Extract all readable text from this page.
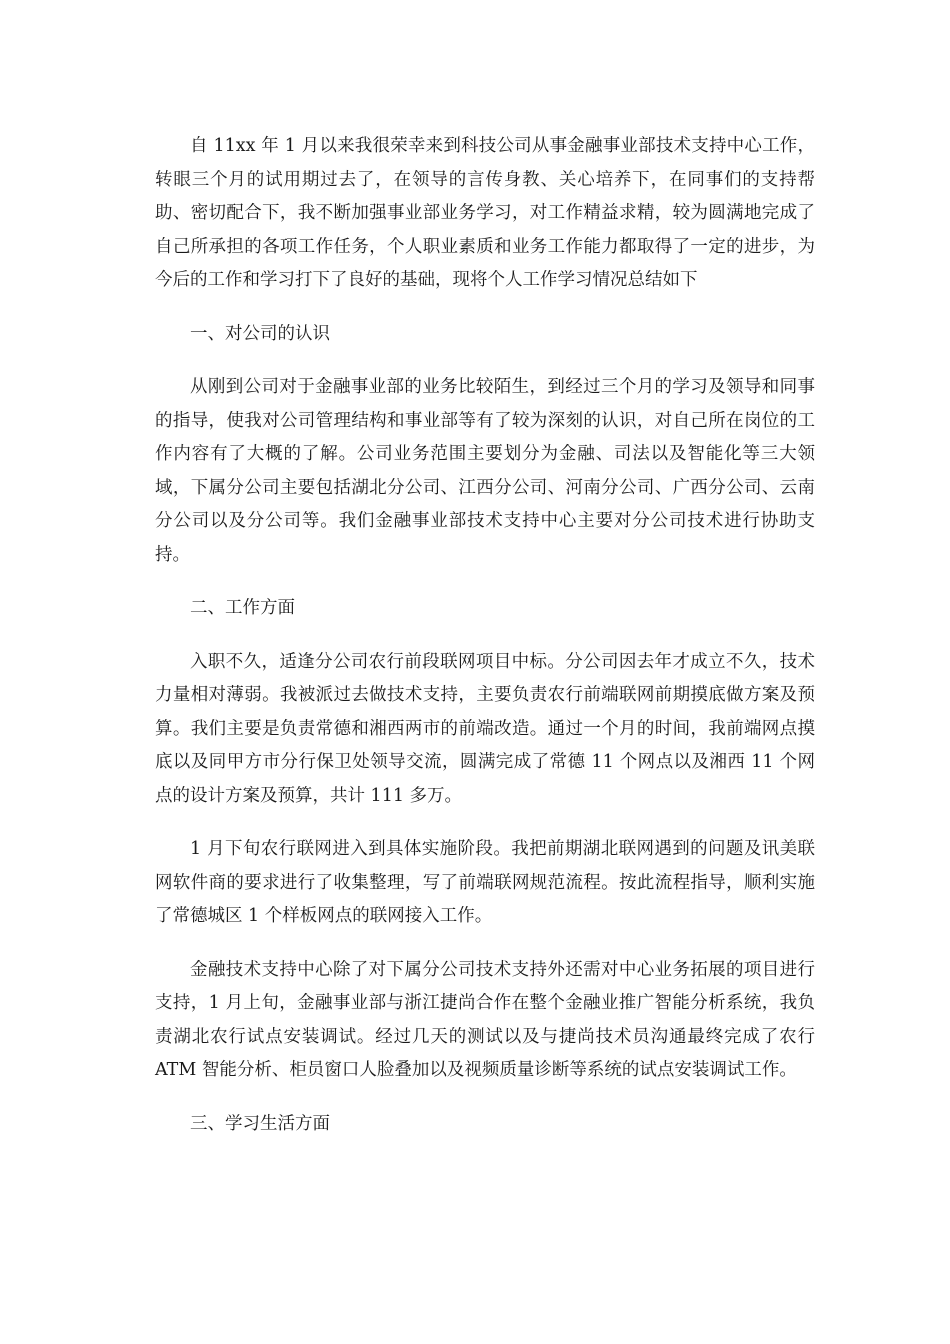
自 11xx 年 1 月以来我很荣幸来到科技公司从事金融事业部技术支持中心工作，转眼三个月的试用期过去了，在领导的言传身教、关心培养下，在同事们的支持帮助、密切配合下，我不断加强事业部业务学习，对工作精益求精，较为圆满地完成了自己所承担的各项工作任务，个人职业素质和业务工作能力都取得了一定的进步，为今后的工作和学习打下了良好的基础，现将个人工作学习情况总结如下

一、对公司的认识

从刚到公司对于金融事业部的业务比较陌生，到经过三个月的学习及领导和同事的指导，使我对公司管理结构和事业部等有了较为深刻的认识，对自己所在岗位的工作内容有了大概的了解。公司业务范围主要划分为金融、司法以及智能化等三大领域，下属分公司主要包括湖北分公司、江西分公司、河南分公司、广西分公司、云南分公司以及分公司等。我们金融事业部技术支持中心主要对分公司技术进行协助支持。

二、工作方面

入职不久，适逢分公司农行前段联网项目中标。分公司因去年才成立不久，技术力量相对薄弱。我被派过去做技术支持，主要负责农行前端联网前期摸底做方案及预算。我们主要是负责常德和湘西两市的前端改造。通过一个月的时间，我前端网点摸底以及同甲方市分行保卫处领导交流，圆满完成了常德 11 个网点以及湘西 11 个网点的设计方案及预算，共计 111 多万。

1 月下旬农行联网进入到具体实施阶段。我把前期湖北联网遇到的问题及讯美联网软件商的要求进行了收集整理，写了前端联网规范流程。按此流程指导，顺利实施了常德城区 1 个样板网点的联网接入工作。

金融技术支持中心除了对下属分公司技术支持外还需对中心业务拓展的项目进行支持，1 月上旬，金融事业部与浙江捷尚合作在整个金融业推广智能分析系统，我负责湖北农行试点安装调试。经过几天的测试以及与捷尚技术员沟通最终完成了农行 ATM 智能分析、柜员窗口人脸叠加以及视频质量诊断等系统的试点安装调试工作。

三、学习生活方面
